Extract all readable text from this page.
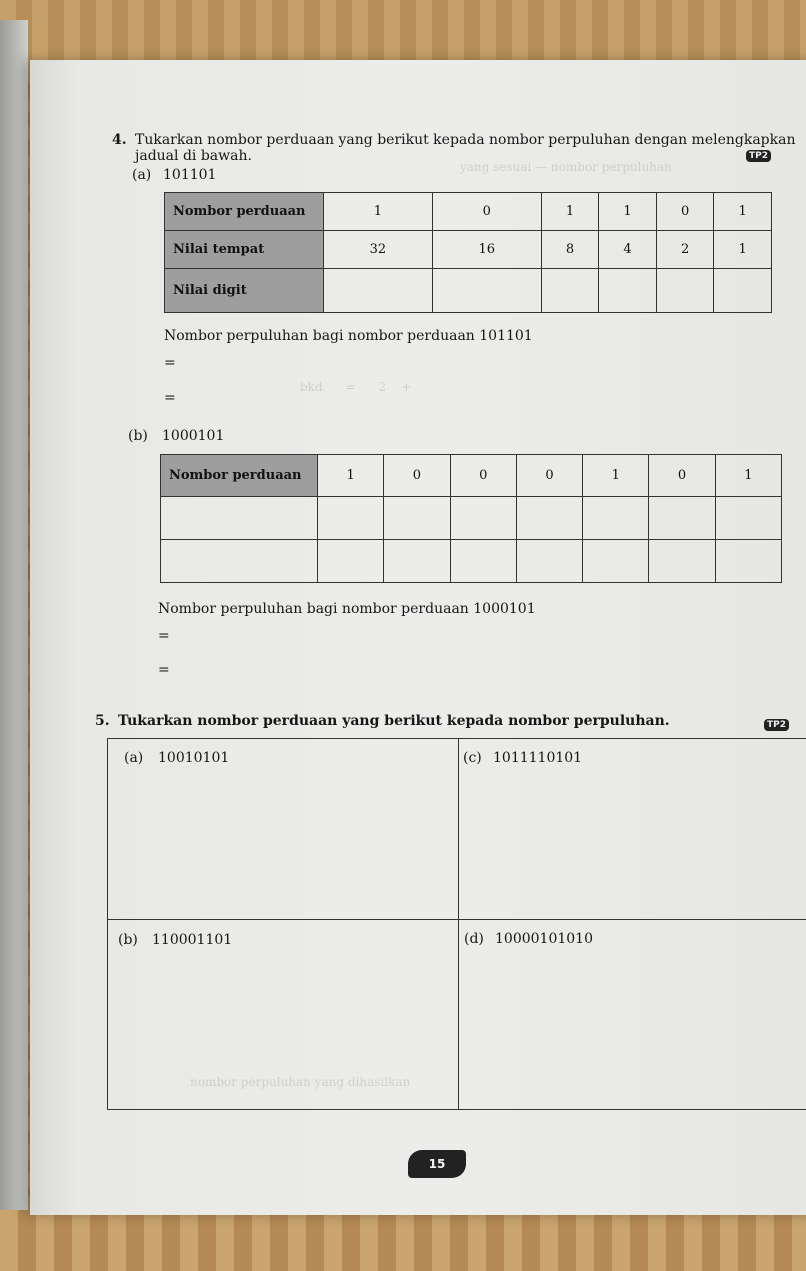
yang sesuai — nombor perpuluhan
bkd      =      2    +
nombor perpuluhan yang dihasilkan
4. Tukarkan nombor perduaan yang berikut kepada nombor perpuluhan dengan melengkapkan
jadual di bawah.	TP2
(a) 101101
Nombor perduaan	1	0	1	1	0	1
Nilai tempat	32	16	8	4	2	1
Nilai digit						
Nombor perpuluhan bagi nombor perduaan 101101
=
=
(b) 1000101
Nombor perduaan	1	0	0	0	1	0	1

Nombor perpuluhan bagi nombor perduaan 1000101
=
=
5. Tukarkan nombor perduaan yang berikut kepada nombor perpuluhan.	TP2
(a) 10010101	(c) 1011110101
(b) 110001101	(d) 10000101010
15
